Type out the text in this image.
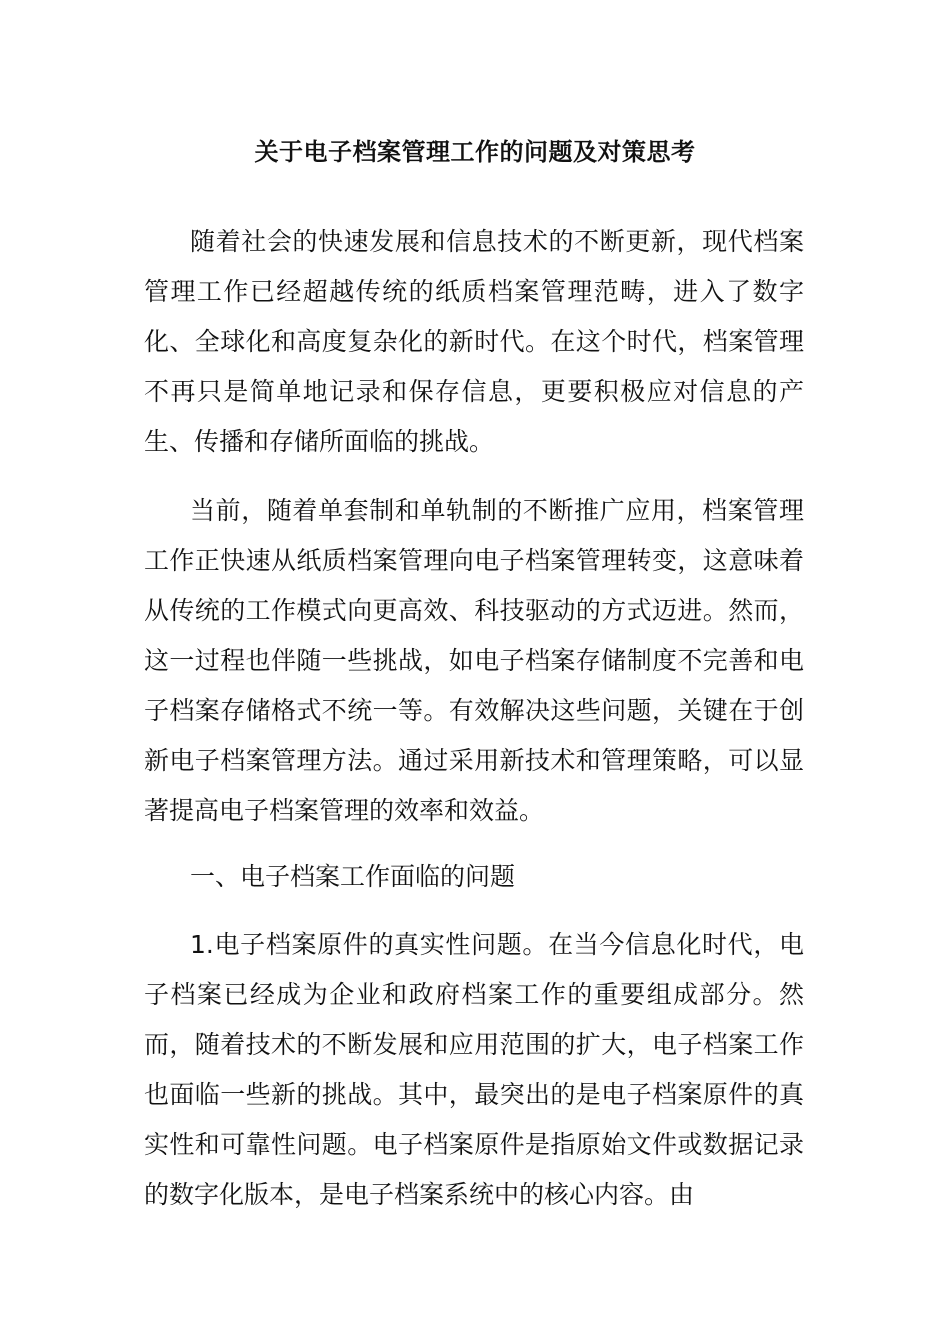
关于电子档案管理工作的问题及对策思考

随着社会的快速发展和信息技术的不断更新，现代档案管理工作已经超越传统的纸质档案管理范畴，进入了数字化、全球化和高度复杂化的新时代。在这个时代，档案管理不再只是简单地记录和保存信息，更要积极应对信息的产生、传播和存储所面临的挑战。

当前，随着单套制和单轨制的不断推广应用，档案管理工作正快速从纸质档案管理向电子档案管理转变，这意味着从传统的工作模式向更高效、科技驱动的方式迈进。然而，这一过程也伴随一些挑战，如电子档案存储制度不完善和电子档案存储格式不统一等。有效解决这些问题，关键在于创新电子档案管理方法。通过采用新技术和管理策略，可以显著提高电子档案管理的效率和效益。

一、电子档案工作面临的问题

1.电子档案原件的真实性问题。在当今信息化时代，电子档案已经成为企业和政府档案工作的重要组成部分。然而，随着技术的不断发展和应用范围的扩大，电子档案工作也面临一些新的挑战。其中，最突出的是电子档案原件的真实性和可靠性问题。电子档案原件是指原始文件或数据记录的数字化版本，是电子档案系统中的核心内容。由
